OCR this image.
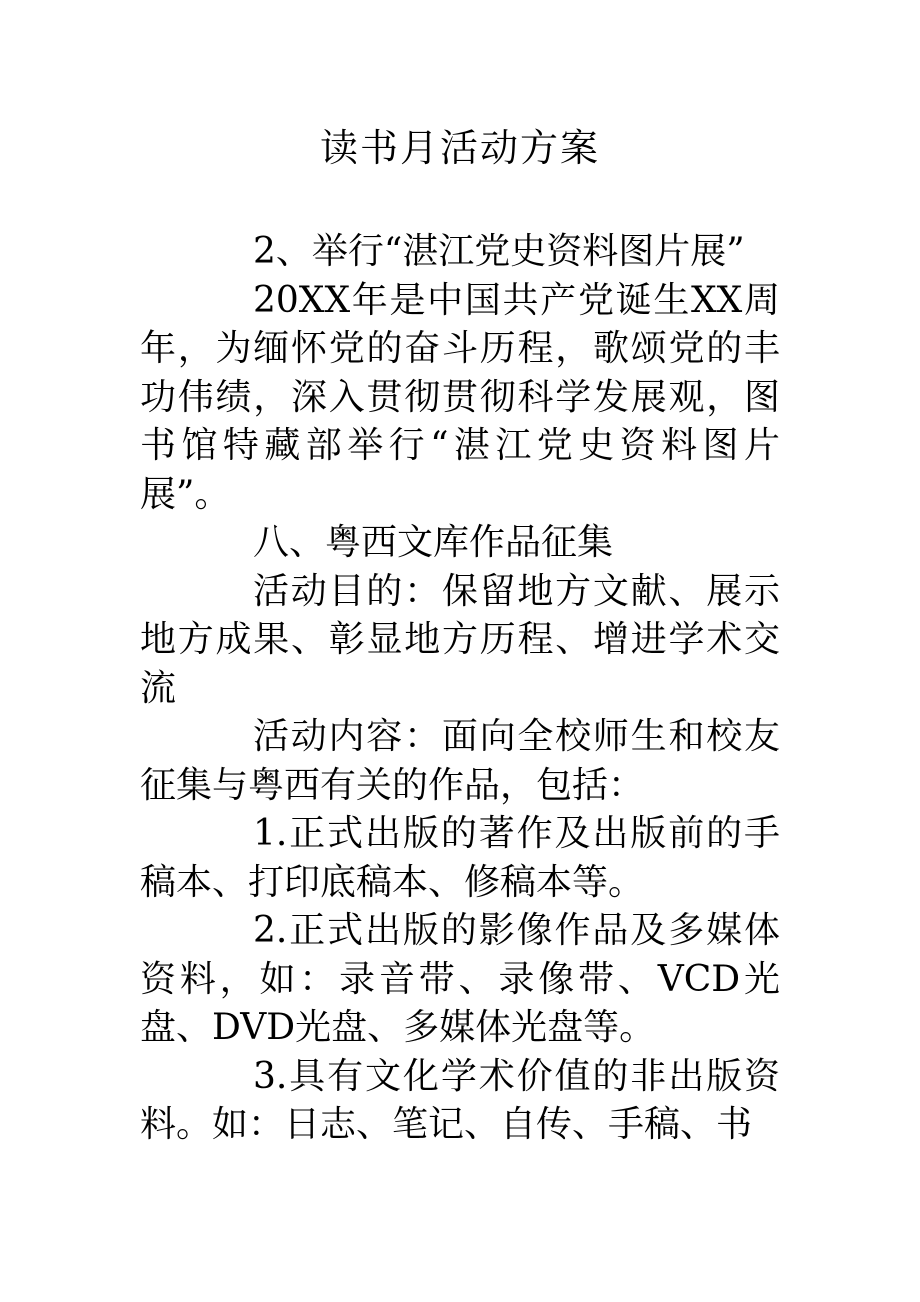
读书月活动方案

2、举行“湛江党史资料图片展”

20XX年是中国共产党诞生XX周年，为缅怀党的奋斗历程，歌颂党的丰功伟绩，深入贯彻贯彻科学发展观，图书馆特藏部举行“湛江党史资料图片展”。

八、粤西文库作品征集

活动目的：保留地方文献、展示地方成果、彰显地方历程、增进学术交流

活动内容：面向全校师生和校友征集与粤西有关的作品，包括：

1.正式出版的著作及出版前的手稿本、打印底稿本、修稿本等。

2.正式出版的影像作品及多媒体资料，如：录音带、录像带、VCD光盘、DVD光盘、多媒体光盘等。

3.具有文化学术价值的非出版资料。如：日志、笔记、自传、手稿、书
